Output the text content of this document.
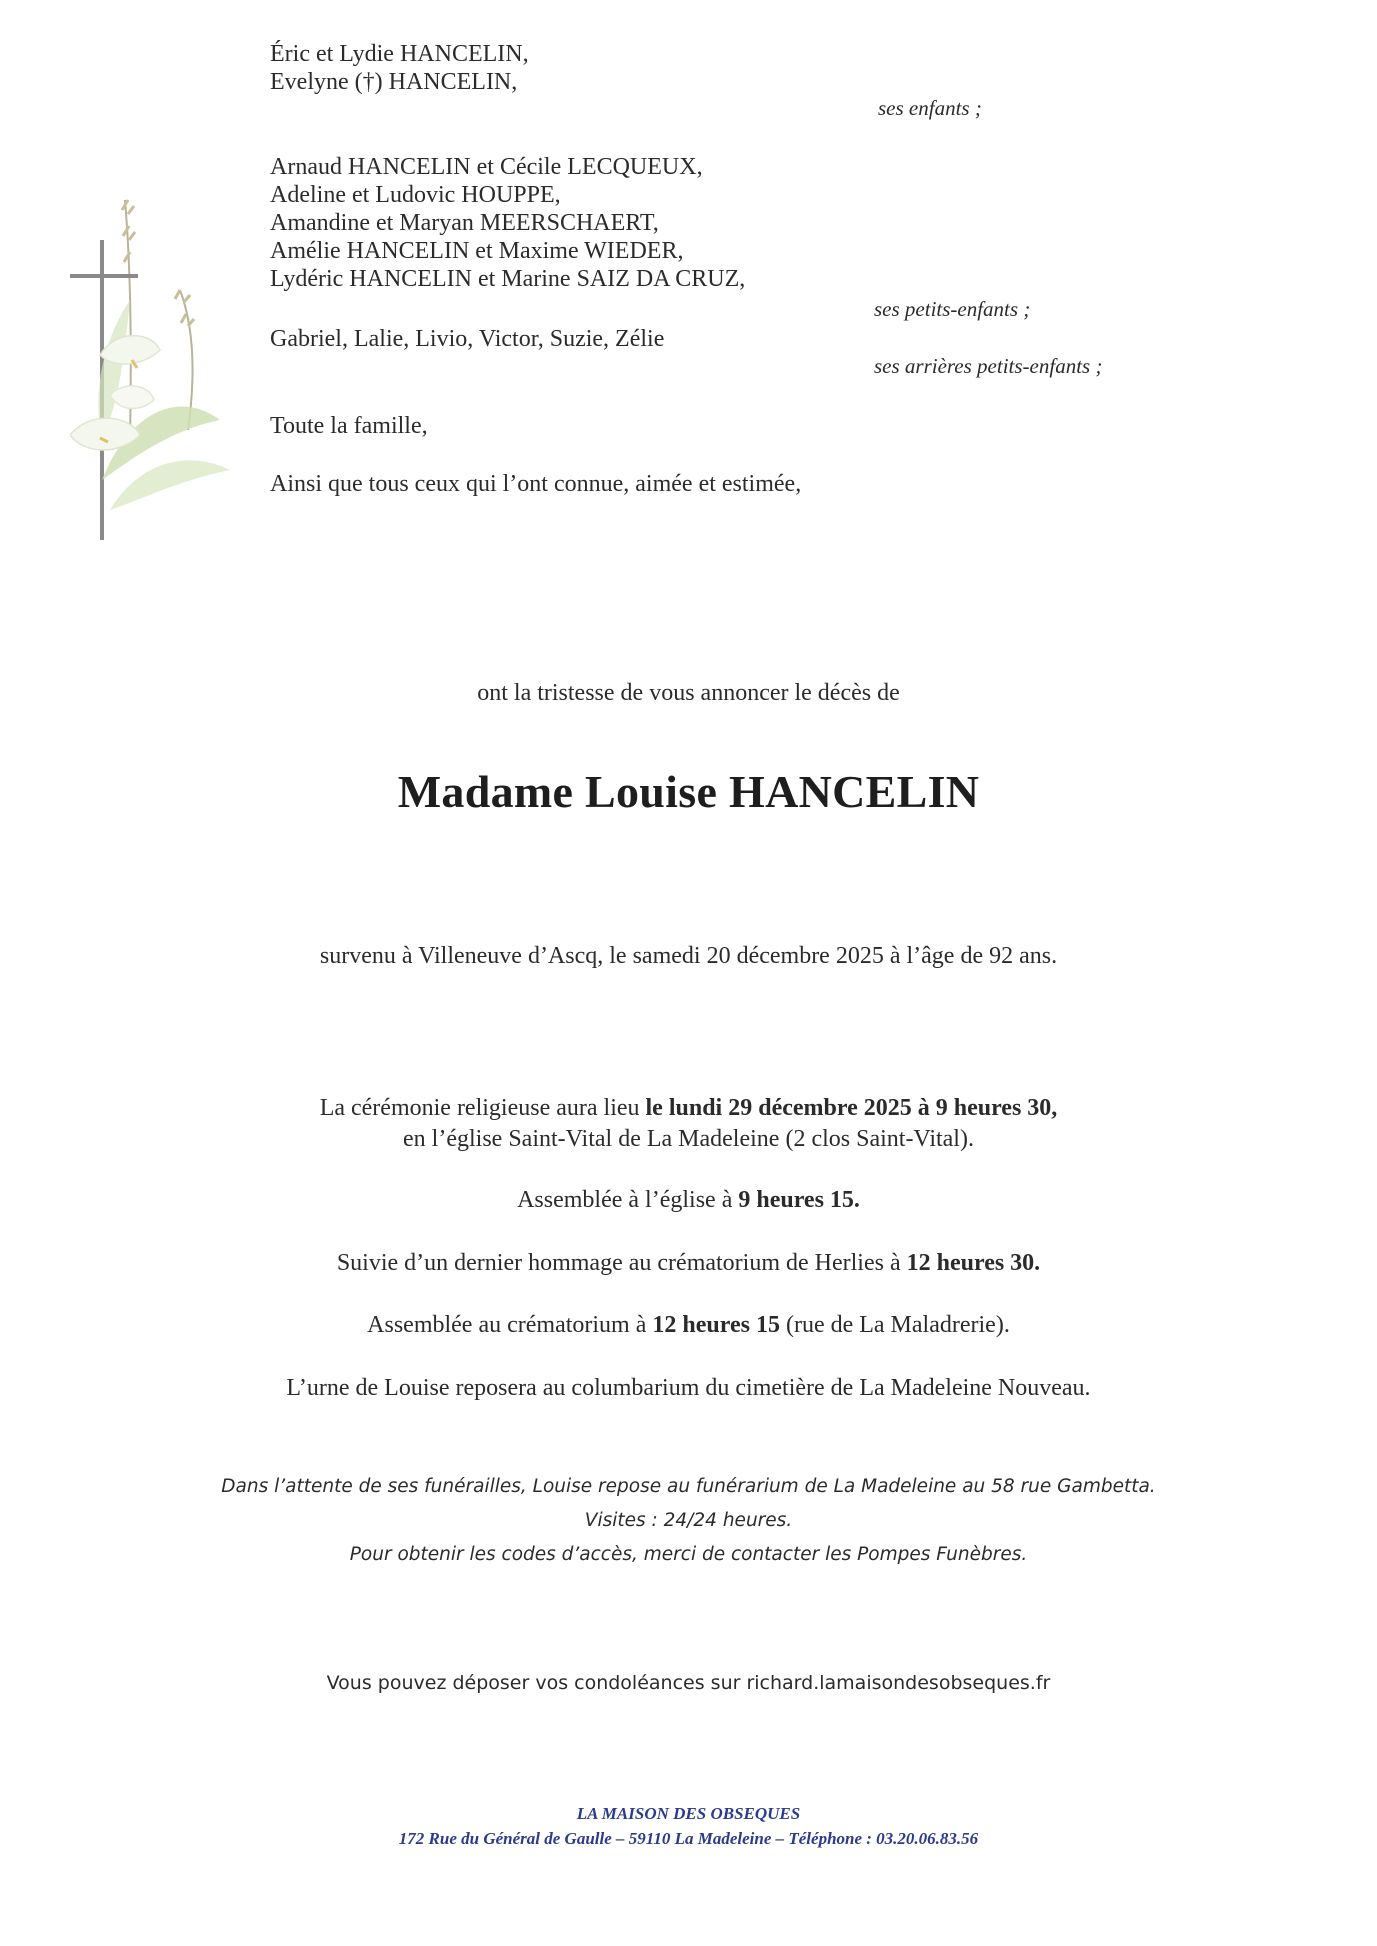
Éric et Lydie HANCELIN,
Evelyne (†) HANCELIN,
ses enfants ;
Arnaud HANCELIN et Cécile LECQUEUX,
Adeline et Ludovic HOUPPE,
Amandine et Maryan MEERSCHAERT,
Amélie HANCELIN et Maxime WIEDER,
Lydéric HANCELIN et Marine SAIZ DA CRUZ,
ses petits-enfants ;
Gabriel, Lalie, Livio, Victor, Suzie, Zélie
ses arrières petits-enfants ;
Toute la famille,
Ainsi que tous ceux qui l’ont connue, aimée et estimée,
ont la tristesse de vous annoncer le décès de
Madame Louise HANCELIN
survenu à Villeneuve d’Ascq, le samedi 20 décembre 2025 à l’âge de 92 ans.
La cérémonie religieuse aura lieu le lundi 29 décembre 2025 à 9 heures 30,
en l’église Saint-Vital de La Madeleine (2 clos Saint-Vital).
Assemblée à l’église à 9 heures 15.
Suivie d’un dernier hommage au crématorium de Herlies à 12 heures 30.
Assemblée au crématorium à 12 heures 15 (rue de La Maladrerie).
L’urne de Louise reposera au columbarium du cimetière de La Madeleine Nouveau.
Dans l’attente de ses funérailles, Louise repose au funérarium de La Madeleine au 58 rue Gambetta.
Visites : 24/24 heures.
Pour obtenir les codes d’accès, merci de contacter les Pompes Funèbres.
Vous pouvez déposer vos condoléances sur richard.lamaisondesobseques.fr
LA MAISON DES OBSEQUES
172 Rue du Général de Gaulle – 59110 La Madeleine – Téléphone : 03.20.06.83.56
